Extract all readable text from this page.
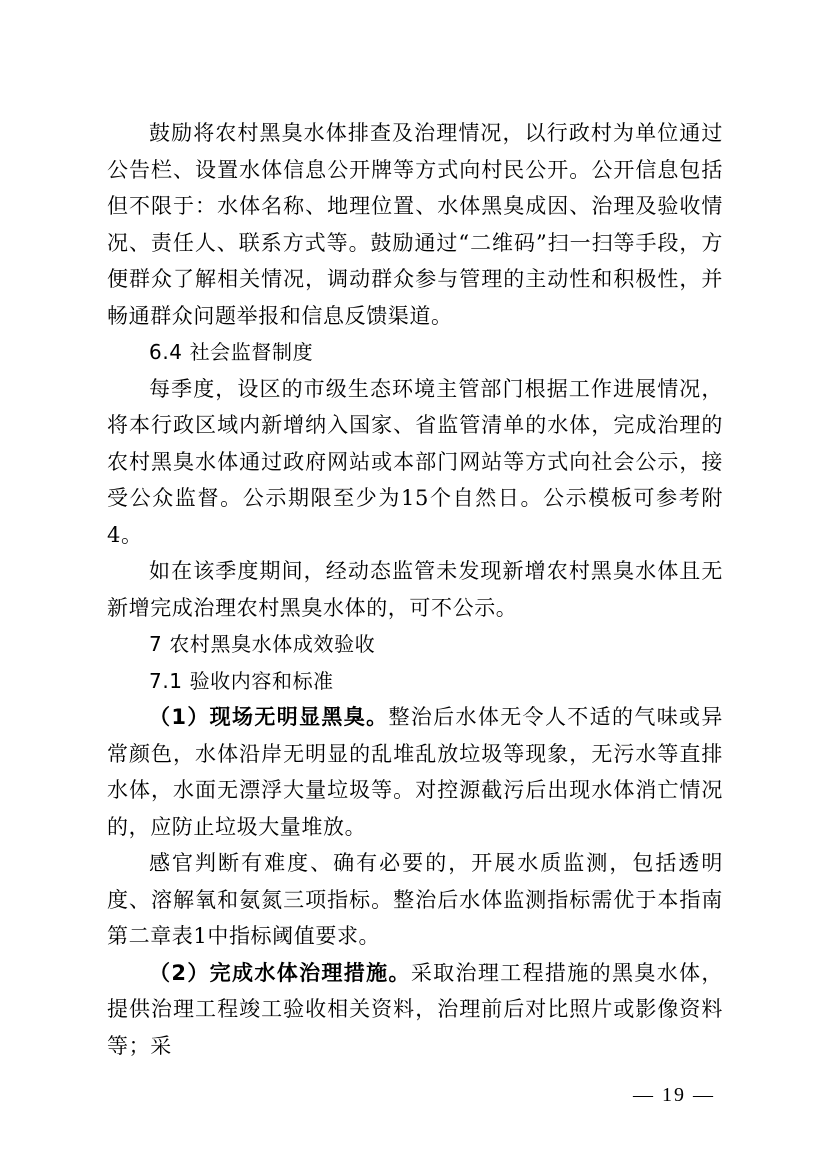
鼓励将农村黑臭水体排查及治理情况，以行政村为单位通过公告栏、设置水体信息公开牌等方式向村民公开。公开信息包括但不限于：水体名称、地理位置、水体黑臭成因、治理及验收情况、责任人、联系方式等。鼓励通过“二维码”扫一扫等手段，方便群众了解相关情况，调动群众参与管理的主动性和积极性，并畅通群众问题举报和信息反馈渠道。

6.4 社会监督制度

每季度，设区的市级生态环境主管部门根据工作进展情况，将本行政区域内新增纳入国家、省监管清单的水体，完成治理的农村黑臭水体通过政府网站或本部门网站等方式向社会公示，接受公众监督。公示期限至少为15个自然日。公示模板可参考附4。

如在该季度期间，经动态监管未发现新增农村黑臭水体且无新增完成治理农村黑臭水体的，可不公示。

7 农村黑臭水体成效验收

7.1 验收内容和标准

（1）现场无明显黑臭。整治后水体无令人不适的气味或异常颜色，水体沿岸无明显的乱堆乱放垃圾等现象，无污水等直排水体，水面无漂浮大量垃圾等。对控源截污后出现水体消亡情况的，应防止垃圾大量堆放。

感官判断有难度、确有必要的，开展水质监测，包括透明度、溶解氧和氨氮三项指标。整治后水体监测指标需优于本指南第二章表1中指标阈值要求。

（2）完成水体治理措施。采取治理工程措施的黑臭水体，提供治理工程竣工验收相关资料，治理前后对比照片或影像资料等；采

— 19 —
